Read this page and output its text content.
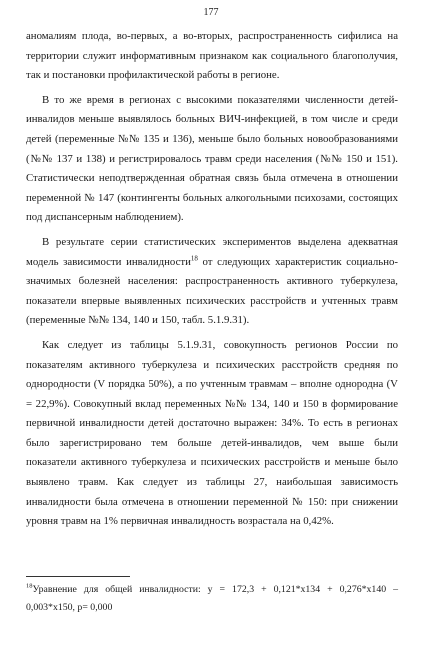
177

аномалиям плода, во-первых, а во-вторых, распространенность сифилиса на территории служит информативным признаком как социального благополучия, так и постановки профилактической работы в регионе.

В то же время в регионах с высокими показателями численности детей-инвалидов меньше выявлялось больных ВИЧ-инфекцией, в том числе и среди детей (переменные №№ 135 и 136), меньше было больных новообразованиями (№№ 137 и 138) и регистрировалось травм среди населения (№№ 150 и 151). Статистически неподтвержденная обратная связь была отмечена в отношении переменной № 147 (контингенты больных алкогольными психозами, состоящих под диспансерным наблюдением).

В результате серии статистических экспериментов выделена адекватная модель зависимости инвалидности$^{18}$ от следующих характеристик социально-значимых болезней населения: распространенность активного туберкулеза, показатели впервые выявленных психических расстройств и учтенных травм (переменные №№ 134, 140 и 150, табл. 5.1.9.31).

Как следует из таблицы 5.1.9.31, совокупность регионов России по показателям активного туберкулеза и психических расстройств средняя по однородности (V порядка 50%), а по учтенным травмам – вполне однородна (V = 22,9%). Совокупный вклад переменных №№ 134, 140 и 150 в формирование первичной инвалидности детей достаточно выражен: 34%. То есть в регионах было зарегистрировано тем больше детей-инвалидов, чем выше были показатели активного туберкулеза и психических расстройств и меньше было выявлено травм. Как следует из таблицы 27, наибольшая зависимость инвалидности была отмечена в отношении переменной № 150: при снижении уровня травм на 1% первичная инвалидность возрастала на 0,42%.

$^{18}$Уравнение для общей инвалидности: y = 172,3 + 0,121*x134 + 0,276*x140 – 0,003*x150, p= 0,000
